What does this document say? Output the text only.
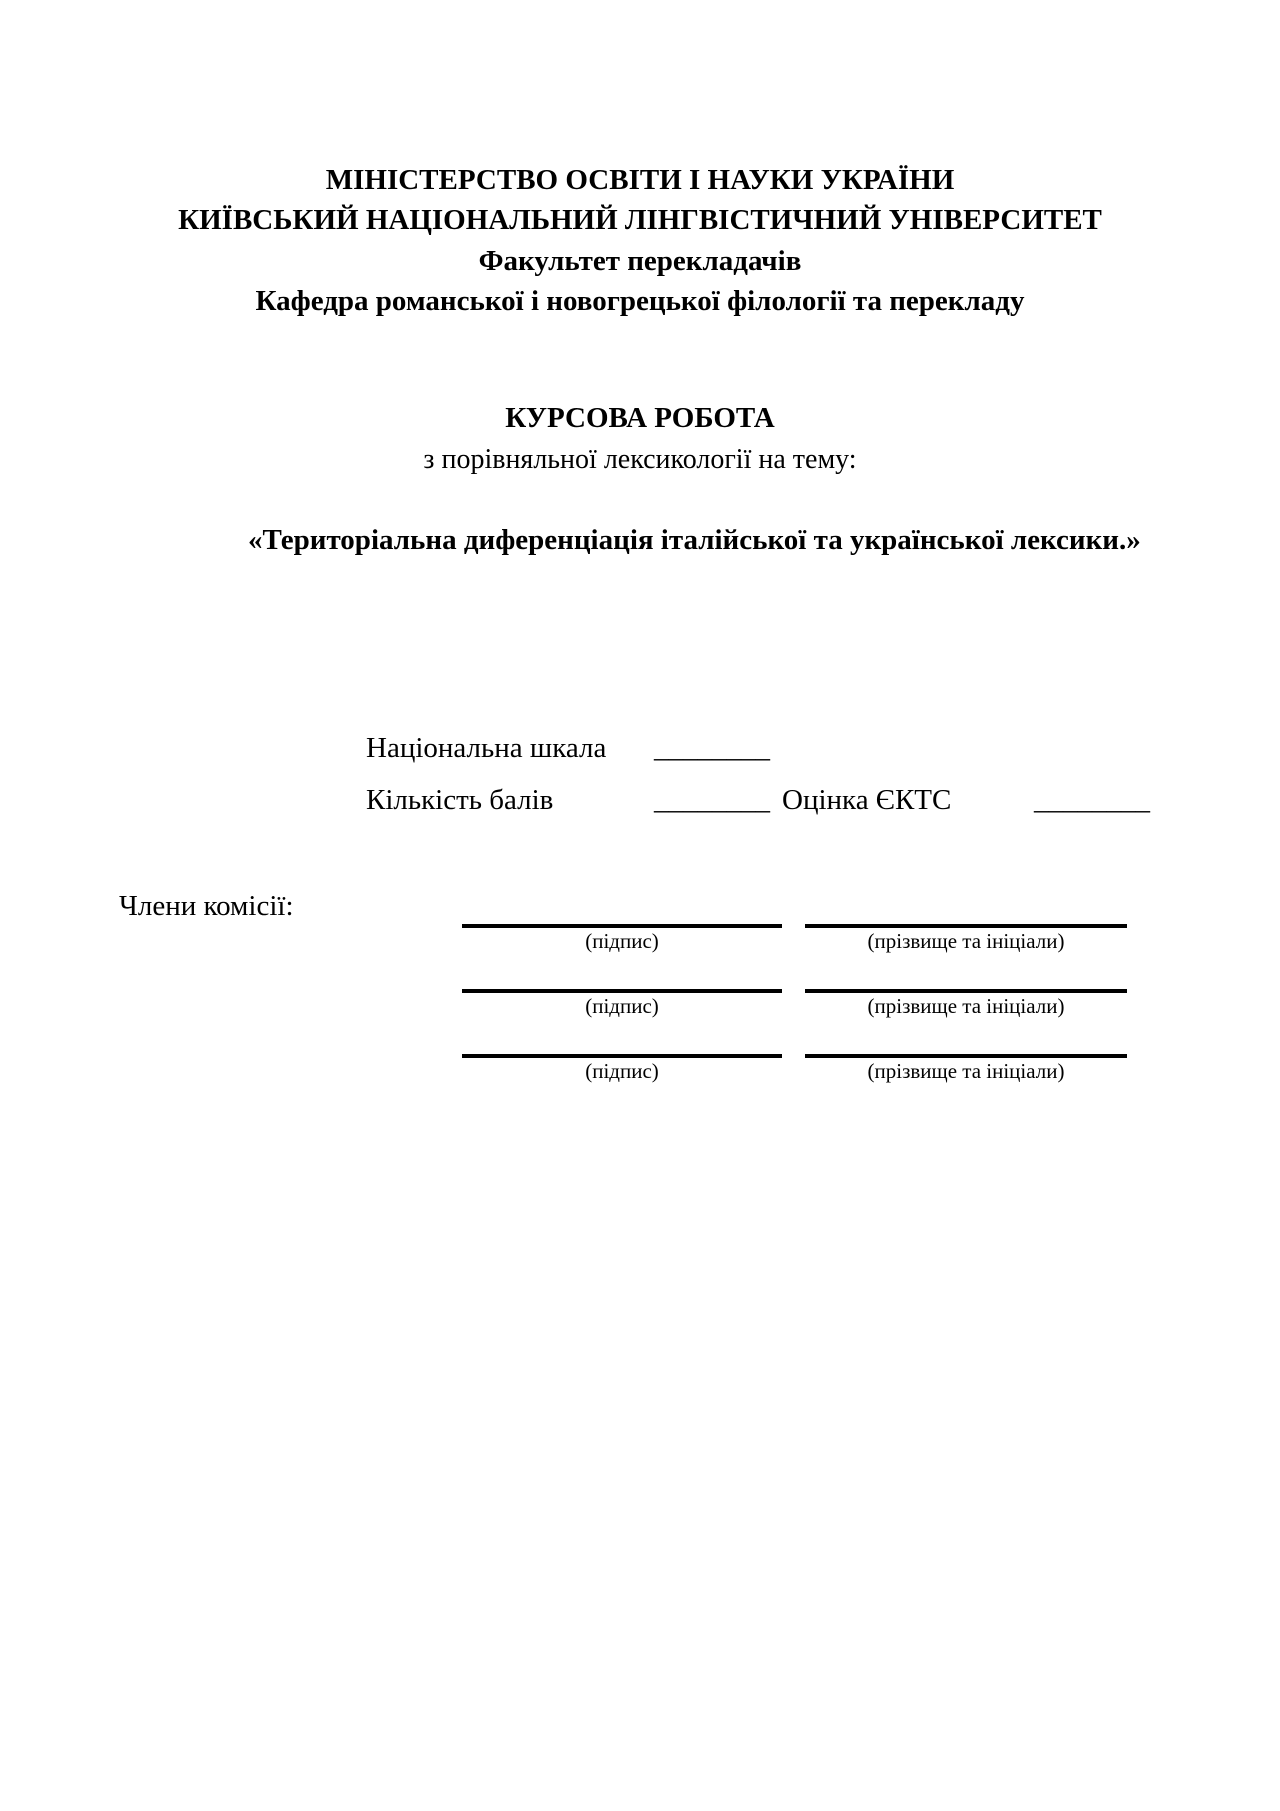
МІНІСТЕРСТВО ОСВІТИ І НАУКИ УКРАЇНИ
КИЇВСЬКИЙ НАЦІОНАЛЬНИЙ ЛІНГВІСТИЧНИЙ УНІВЕРСИТЕТ
Факультет перекладачів
Кафедра романської і новогрецької філології та перекладу
КУРСОВА РОБОТА
з порівняльної лексикології на тему:
«Територіальна диференціація італійської та української лексики.»
Національна шкала ________
Кількість балів	________ Оцінка ЄКТС	________
Члени комісії:
(підпис)	(прізвище та ініціали)
(підпис)	(прізвище та ініціали)
(підпис)	(прізвище та ініціали)
